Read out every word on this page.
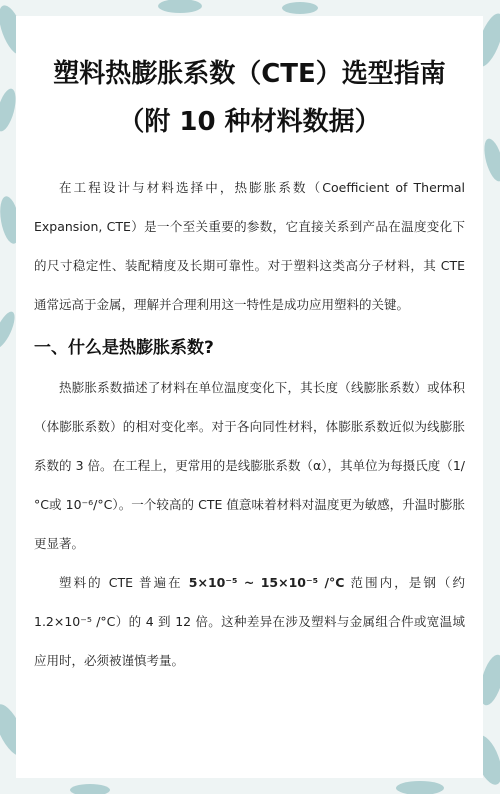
塑料热膨胀系数（CTE）选型指南（附 10 种材料数据）

在工程设计与材料选择中，热膨胀系数（Coefficient of Thermal Expansion, CTE）是一个至关重要的参数，它直接关系到产品在温度变化下的尺寸稳定性、装配精度及长期可靠性。对于塑料这类高分子材料，其 CTE 通常远高于金属，理解并合理利用这一特性是成功应用塑料的关键。

一、什么是热膨胀系数?

热膨胀系数描述了材料在单位温度变化下，其长度（线膨胀系数）或体积（体膨胀系数）的相对变化率。对于各向同性材料，体膨胀系数近似为线膨胀系数的 3 倍。在工程上，更常用的是线膨胀系数（α），其单位为每摄氏度（1/°C或 10⁻⁶/°C）。一个较高的 CTE 值意味着材料对温度更为敏感，升温时膨胀更显著。

塑料的 CTE 普遍在 5×10⁻⁵ ~ 15×10⁻⁵ /°C 范围内，是钢（约 1.2×10⁻⁵ /°C）的 4 到 12 倍。这种差异在涉及塑料与金属组合件或宽温域应用时，必须被谨慎考量。
